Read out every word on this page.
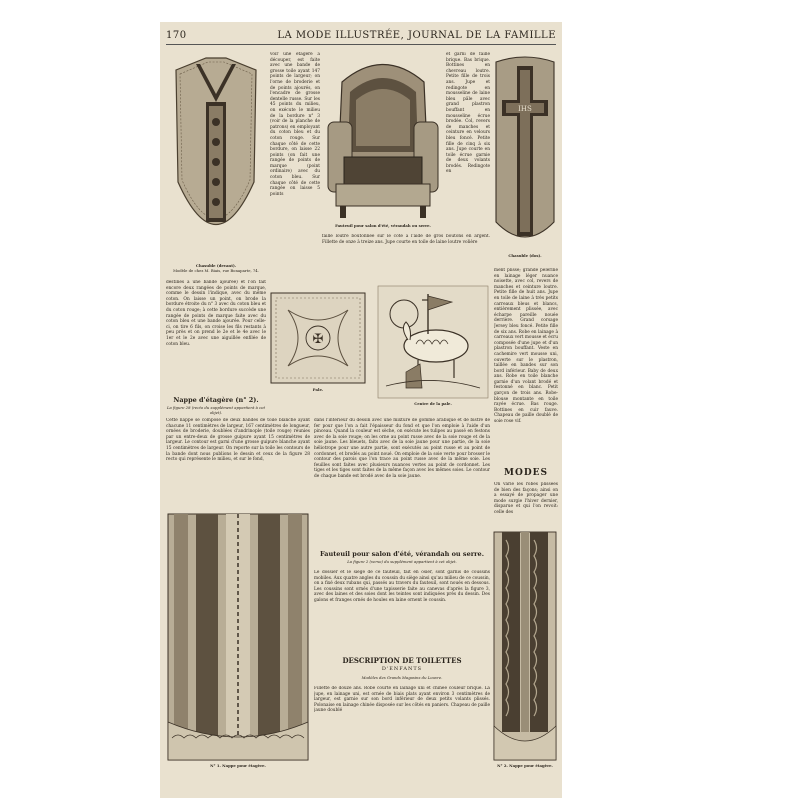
170	LA MODE ILLUSTRÉE, JOURNAL DE LA FAMILLE
Chasuble (devant).
Modèle de chez M. Biais, rue Bonaparte, 74.
voir une étagère à découper, est faite avec une bande de grosse toile ayant 147 points de largeur; on l'orne de broderie et de points ajourés, on l'encadre de grosse dentelle russe. Sur les 45 points du milieu, on exécute le milieu de la bordure n° 3 (voir de la planche de patrons) en employant du coton bleu et du coton rouge. Sur chaque côté de cette bordure, on laisse 22 points (on fait une rangée de points de marque (point ordinaire) avec du coton bleu. Sur chaque côté de cette rangée on laisse 5 points
Fauteuil pour salon d'été, vérandah ou serre.
et garni de faille brique. Bas brique. Bottines en chevreau loutre. Petite fille de trois ans. Jupe et redingote en mousseline de laine bleu pâle avec grand plastron bouffant en mousseline écrue brodée. Col, revers de manches et ceinture en velours bleu foncé. Petite fille de cinq à six ans. Jupe courte en toile écrue garnie de deux volants brodés. Redingote en
IHS
Chasuble (dos).
faille loutre boutonnée sur le côté à l'aide de gros boutons en argent. Fillette de onze à treize ans. Jupe courte en toile de laine loutre volière
destinés à une bande ajourée) et l'on fait encore deux rangées de points de marque, comme le dessin l'indique, avec du même coton. On laisse un point, on brode la bordure étroite du n° 3 avec du coton bleu et du coton rouge; à cette bordure succède une rangée de points de marque faite avec du coton bleu et une bande ajourée. Pour celle-ci, on tire 6 fils, on croise les fils restants à peu près et on prend le 2e et le 4e avec le 1er et le 2e avec une aiguillée enfilée de coton bleu.	✠
Pale.
Centre de la pale.
ment plissé; grande pèlerine en lainage léger nuance noisette, avec col, revers de manches et ceinture loutre. Petite fille de huit ans. Jupe en toile de laine à très petits carreaux bleus et blancs, entièrement plissée, avec écharpe pareille nouée derrière. Grand corsage Jersey bleu foncé. Petite fille de six ans. Robe en lainage à carreaux vert mousse et écru composée d'une jupe et d'un plastron bouffant. Veste en cachemire vert mousse uni, ouverte sur le plastron, taillée en bandes sur son bord inférieur. Baby de deux ans. Robe en toile blanche garnie d'un volant brodé et festonné en blanc. Petit garçon de trois ans. Robe-blouse montante en toile rayée écrue. Bas rouge. Bottines en cuir fauve. Chapeau de paille doublé de soie rose vif.
Nappe d'étagère (n° 2).
La figure 28 (recto du supplément appartient à cet objet).
Cette nappe se compose de deux bandes de toile blanche ayant chacune 11 centimètres de largeur, 167 centimètres de longueur, ornées de broderie, doublées d'andrinople (toile rouge) réunies par un entre-deux de grosse guipure ayant 15 centimètres de largeur. Le contour est garni d'une grosse guipure blanche ayant 15 centimètres de largeur. On reporte sur la toile les contours de la bande dont nous publions le dessin et ceux de la figure 28 recto qui représente le milieu, et sur le fond,
dans l'intérieur du dessin avec une mixture de gomme arabique et de bistre de fer pour que l'on a fait l'épaisseur du fond et que l'on emploie à l'aide d'un pinceau. Quand la couleur est sèche, on exécute les tulipes au passé en festons avec de la soie rouge; on les orne au point russe avec de la soie rouge et de la soie jaune. Les bleuets, faits avec de la soie jaune pour une partie, de la soie héliotrope pour une autre partie, sont exécutés au point russe et au point de cordonnet, et brodés au point noué. On emploie de la soie verte pour brosser le contour des parois que l'on trace au point russe avec de la même soie. Les feuilles sont faites avec plusieurs nuances vertes au point de cordonnet. Les tiges et les tiges sont faites de la même façon avec les mêmes soies. Le contour de chaque bande est brodé avec de la soie jaune.	MODES
On varie les robes plissées de bien des façons; ainsi on a essayé de propager une mode surgie l'hiver dernier, disparue et qui l'on revoit: celle des
N° 1. Nappe pour étagère.
Fauteuil pour salon d'été, vérandah ou serre.
La figure 2 (verso) du supplément appartient à cet objet.
Le dossier et le siège de ce fauteuil, fait en osier, sont garnis de coussins mobiles. Aux quatre angles du coussin du siège ainsi qu'au milieu de ce coussin, on a fixé deux rubans qui, passés au travers du fauteuil, sont noués en dessous. Les coussins sont ornés d'une tapisserie faite au canevas d'après la figure 3, avec des laines et des soies dont les teintes sont indiquées près du dessin. Des galons et franges ornés de houles en laine ornent le coussin.
DESCRIPTION DE TOILETTES
D'ENFANTS
Modèles des Grands Magasins du Louvre.
Fillette de douze ans. Robe courte en lainage uni et chinée couleur brique. La jupe, en lainage uni, est ornée de biais plats ayant environ 3 centimètres de largeur, est garnie sur son bord inférieur de deux petits volants plissés. Polonaise en lainage chinée disposée sur les côtés en paniers. Chapeau de paille jaune doublé
N° 2. Nappe pour étagère.
